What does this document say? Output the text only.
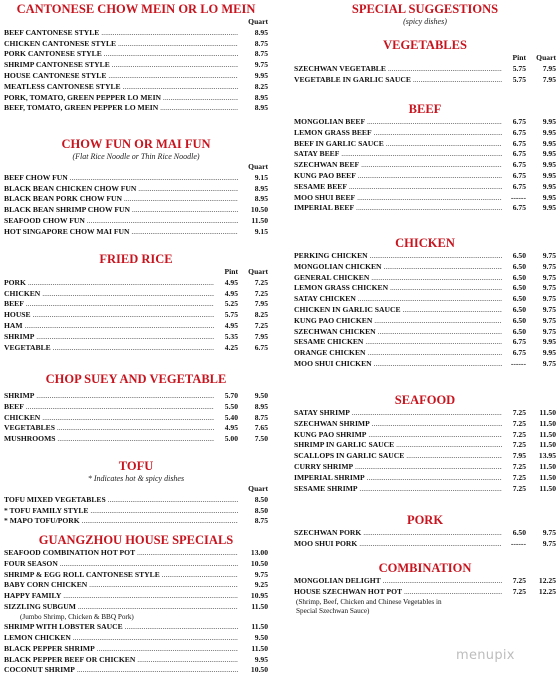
CANTONESE CHOW MEIN OR LO MEIN
Quart
BEEF CANTONESE STYLE .....	8.95
CHICKEN CANTONESE STYLE .....	8.75
PORK CANTONESE STYLE .....	8.75
SHRIMP CANTONESE STYLE .....	9.75
HOUSE CANTONESE STYLE .....	9.95
MEATLESS CANTONESE STYLE .....	8.25
PORK, TOMATO, GREEN PEPPER LO MEIN .....	8.95
BEEF, TOMATO, GREEN PEPPER LO MEIN .....	8.95
CHOW FUN OR MAI FUN
(Flat Rice Noodle or Thin Rice Noodle)
Quart
BEEF CHOW FUN .....	9.15
BLACK BEAN CHICKEN CHOW FUN .....	8.95
BLACK BEAN PORK CHOW FUN .....	8.95
BLACK BEAN SHRIMP CHOW FUN .....	10.50
SEAFOOD CHOW FUN .....	11.50
HOT SINGAPORE CHOW MAI FUN .....	9.15
FRIED RICE
Pint	Quart
PORK .....	4.95	7.25
CHICKEN .....	4.95	7.25
BEEF .....	5.25	7.95
HOUSE .....	5.75	8.25
HAM .....	4.95	7.25
SHRIMP .....	5.35	7.95
VEGETABLE .....	4.25	6.75
CHOP SUEY AND VEGETABLE
SHRIMP .....	5.70	9.50
BEEF .....	5.50	8.95
CHICKEN .....	5.40	8.75
VEGETABLES .....	4.95	7.65
MUSHROOMS .....	5.00	7.50
TOFU
* Indicates hot & spicy dishes
Quart
TOFU MIXED VEGETABLES .....	8.50
* TOFU FAMILY STYLE .....	8.50
* MAPO TOFU/PORK .....	8.75
GUANGZHOU HOUSE SPECIALS
SEAFOOD COMBINATION HOT POT .....	13.00
FOUR SEASON .....	10.50
SHRIMP & EGG ROLL CANTONESE STYLE .....	9.75
BABY CORN CHICKEN .....	9.25
HAPPY FAMILY .....	10.95
SIZZLING SUBGUM .....	11.50
(Jumbo Shrimp, Chicken & BBQ Pork)
SHRIMP WITH LOBSTER SAUCE .....	11.50
LEMON CHICKEN .....	9.50
BLACK PEPPER SHRIMP .....	11.50
BLACK PEPPER BEEF OR CHICKEN .....	9.95
COCONUT SHRIMP .....	10.50
SPECIAL SUGGESTIONS
(spicy dishes)
VEGETABLES
Pint	Quart
SZECHWAN VEGETABLE .....	5.75	7.95
VEGETABLE IN GARLIC SAUCE .....	5.75	7.95
BEEF
MONGOLIAN BEEF .....	6.75	9.95
LEMON GRASS BEEF .....	6.75	9.95
BEEF IN GARLIC SAUCE .....	6.75	9.95
SATAY BEEF .....	6.75	9.95
SZECHWAN BEEF .....	6.75	9.95
KUNG PAO BEEF .....	6.75	9.95
SESAME BEEF .....	6.75	9.95
MOO SHUI BEEF .....	------	9.95
IMPERIAL BEEF .....	6.75	9.95
CHICKEN
PERKING CHICKEN .....	6.50	9.75
MONGOLIAN CHICKEN .....	6.50	9.75
GENERAL CHICKEN .....	6.50	9.75
LEMON GRASS CHICKEN .....	6.50	9.75
SATAY CHICKEN .....	6.50	9.75
CHICKEN IN GARLIC SAUCE .....	6.50	9.75
KUNG PAO CHICKEN .....	6.50	9.75
SZECHWAN CHICKEN .....	6.50	9.75
SESAME CHICKEN .....	6.75	9.95
ORANGE CHICKEN .....	6.75	9.95
MOO SHUI CHICKEN .....	------	9.75
SEAFOOD
SATAY SHRIMP .....	7.25	11.50
SZECHWAN SHRIMP .....	7.25	11.50
KUNG PAO SHRIMP .....	7.25	11.50
SHRIMP IN GARLIC SAUCE .....	7.25	11.50
SCALLOPS IN GARLIC SAUCE .....	7.95	13.95
CURRY SHRIMP .....	7.25	11.50
IMPERIAL SHRIMP .....	7.25	11.50
SESAME SHRIMP .....	7.25	11.50
PORK
SZECHWAN PORK .....	6.50	9.75
MOO SHUI PORK .....	------	9.75
COMBINATION
MONGOLIAN DELIGHT .....	7.25	12.25
HOUSE SZECHWAN HOT POT .....	7.25	12.25
(Shrimp, Beef, Chicken and Chinese Vegetables in
Special Szechwan Sauce)
menupix
